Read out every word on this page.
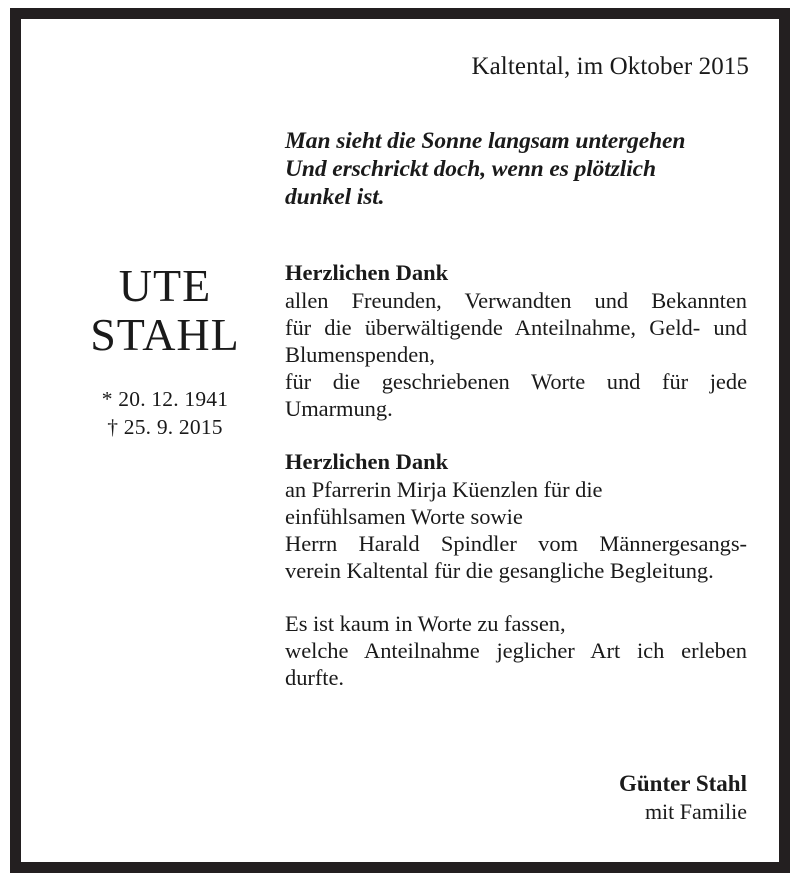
Kaltental, im Oktober 2015
Man sieht die Sonne langsam untergehen
Und erschrickt doch, wenn es plötzlich
dunkel ist.
UTE
STAHL
* 20. 12. 1941
† 25. 9. 2015
Herzlichen Dank
allen Freunden, Verwandten und Bekannten
für die überwältigende Anteilnahme, Geld- und
Blumenspenden,
für die geschriebenen Worte und für jede
Umarmung.
Herzlichen Dank
an Pfarrerin Mirja Küenzlen für die
einfühlsamen Worte sowie
Herrn Harald Spindler vom Männergesangs-
verein Kaltental für die gesangliche Begleitung.
Es ist kaum in Worte zu fassen,
welche Anteilnahme jeglicher Art ich erleben
durfte.
Günter Stahl
mit Familie
